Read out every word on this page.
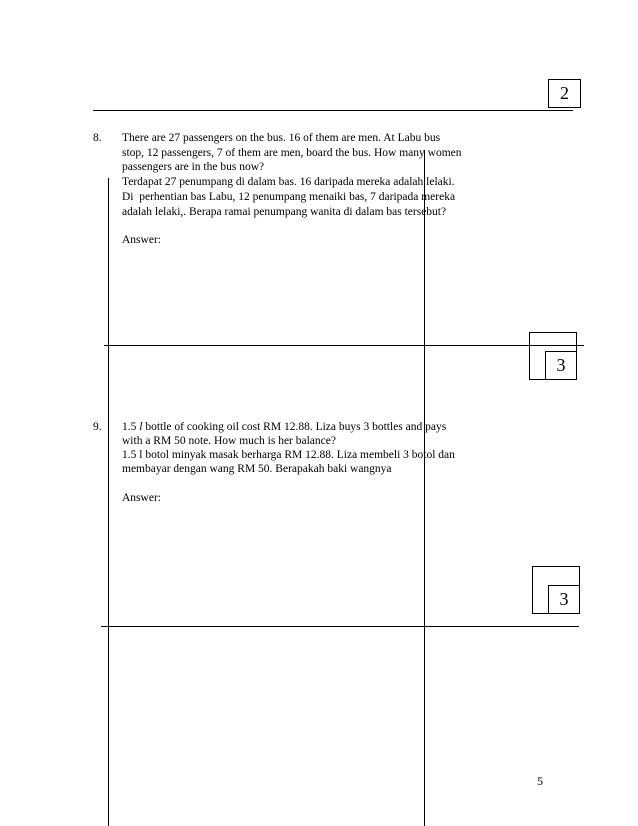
2
8. There are 27 passengers on the bus. 16 of them are men. At Labu bus
stop, 12 passengers, 7 of them are men, board the bus. How many women
passengers are in the bus now?
Terdapat 27 penumpang di dalam bas. 16 daripada mereka adalah lelaki.
Di  perhentian bas Labu, 12 penumpang menaiki bas, 7 daripada mereka
adalah lelaki,. Berapa ramai penumpang wanita di dalam bas tersebut?
Answer:
3
9. 1.5 l bottle of cooking oil cost RM 12.88. Liza buys 3 bottles and pays
with a RM 50 note. How much is her balance?
1.5 l botol minyak masak berharga RM 12.88. Liza membeli 3 botol dan
membayar dengan wang RM 50. Berapakah baki wangnya
Answer:
3
5
